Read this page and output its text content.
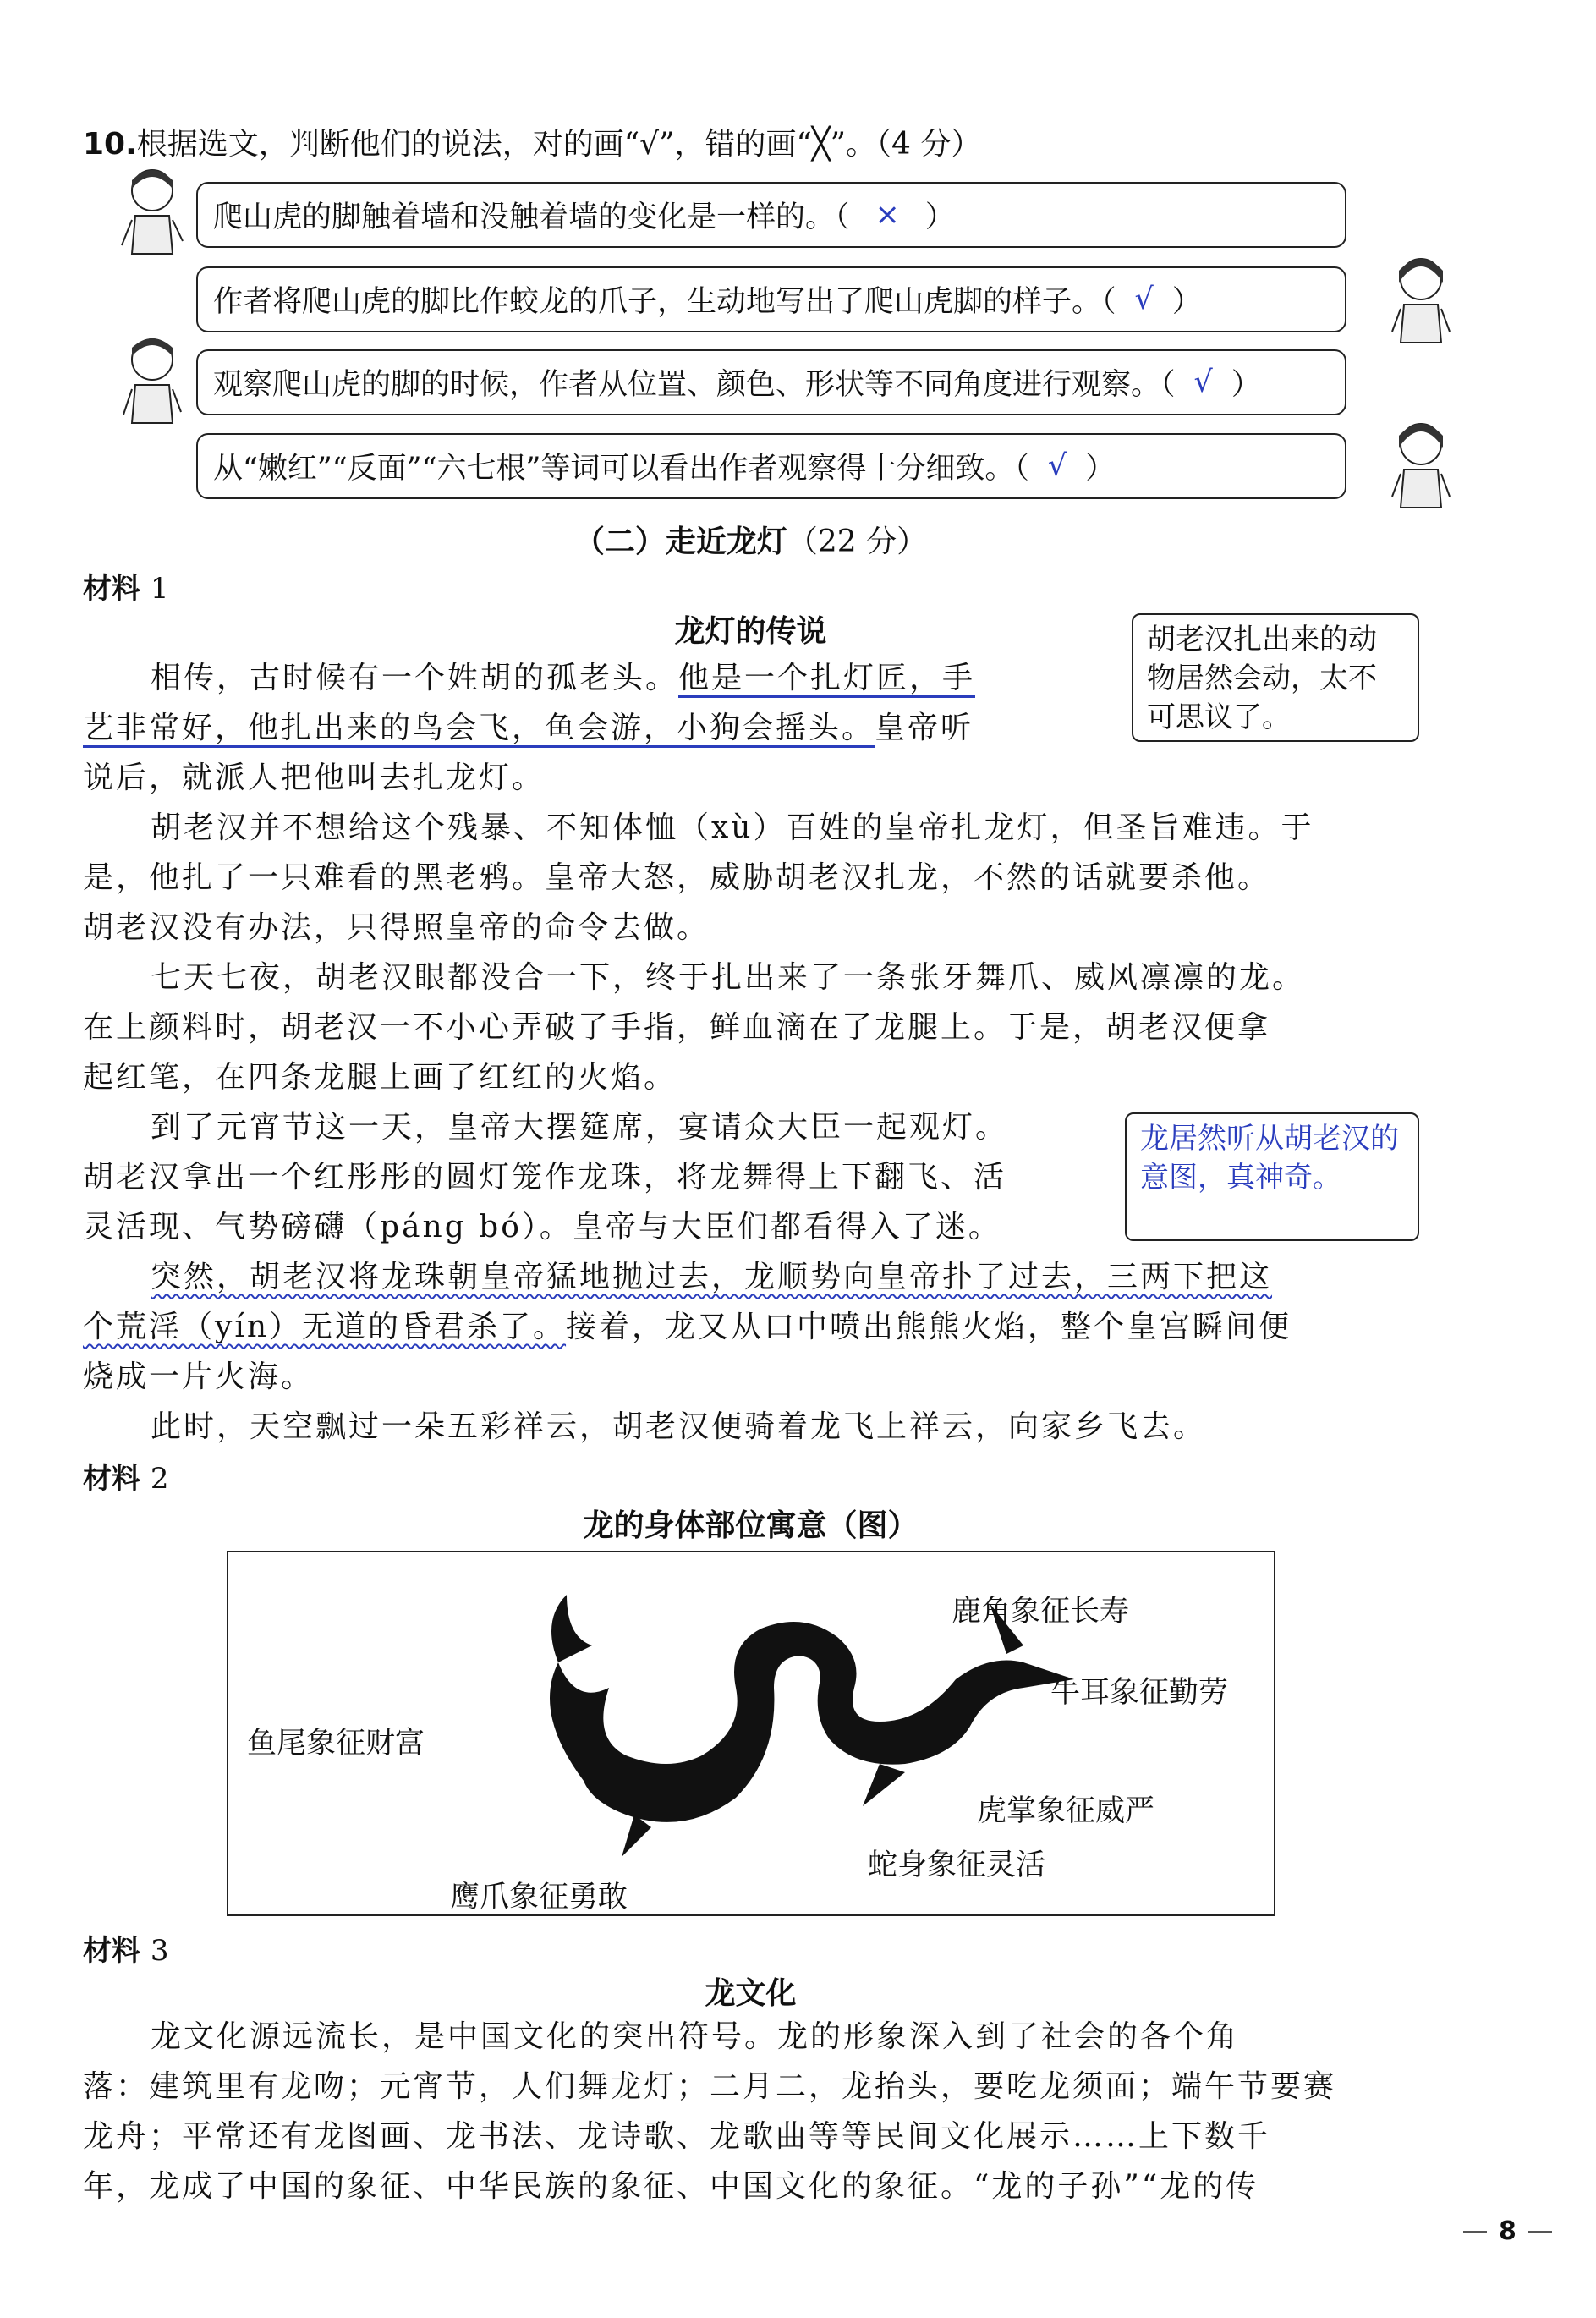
10.根据选文，判断他们的说法，对的画“√”，错的画“╳”。（4 分）
爬山虎的脚触着墙和没触着墙的变化是一样的。（ × ）
作者将爬山虎的脚比作蛟龙的爪子，生动地写出了爬山虎脚的样子。（ √ ）
观察爬山虎的脚的时候，作者从位置、颜色、形状等不同角度进行观察。（ √ ）
从“嫩红”“反面”“六七根”等词可以看出作者观察得十分细致。（ √ ）
（二）走近龙灯（22 分）
材料 1
龙灯的传说	胡老汉扎出来的动物居然会动，太不可思议了。
龙居然听从胡老汉的意图，真神奇。
相传，古时候有一个姓胡的孤老头。他是一个扎灯匠，手
艺非常好，他扎出来的鸟会飞，鱼会游，小狗会摇头。皇帝听
说后，就派人把他叫去扎龙灯。
胡老汉并不想给这个残暴、不知体恤（xù）百姓的皇帝扎龙灯，但圣旨难违。于
是，他扎了一只难看的黑老鸦。皇帝大怒，威胁胡老汉扎龙，不然的话就要杀他。
胡老汉没有办法，只得照皇帝的命令去做。
七天七夜，胡老汉眼都没合一下，终于扎出来了一条张牙舞爪、威风凛凛的龙。
在上颜料时，胡老汉一不小心弄破了手指，鲜血滴在了龙腿上。于是，胡老汉便拿
起红笔，在四条龙腿上画了红红的火焰。
到了元宵节这一天，皇帝大摆筵席，宴请众大臣一起观灯。
胡老汉拿出一个红彤彤的圆灯笼作龙珠，将龙舞得上下翻飞、活
灵活现、气势磅礴（páng bó）。皇帝与大臣们都看得入了迷。
突然，胡老汉将龙珠朝皇帝猛地抛过去，龙顺势向皇帝扑了过去，三两下把这
个荒淫（yín）无道的昏君杀了。接着，龙又从口中喷出熊熊火焰，整个皇宫瞬间便
烧成一片火海。
此时，天空飘过一朵五彩祥云，胡老汉便骑着龙飞上祥云，向家乡飞去。
材料 2
龙的身体部位寓意（图）
鹿角象征长寿
牛耳象征勤劳
鱼尾象征财富
虎掌象征威严
蛇身象征灵活
鹰爪象征勇敢
材料 3
龙文化
龙文化源远流长，是中国文化的突出符号。龙的形象深入到了社会的各个角
落：建筑里有龙吻；元宵节，人们舞龙灯；二月二，龙抬头，要吃龙须面；端午节要赛
龙舟；平常还有龙图画、龙书法、龙诗歌、龙歌曲等等民间文化展示……上下数千
年，龙成了中国的象征、中华民族的象征、中国文化的象征。“龙的子孙”“龙的传
8
